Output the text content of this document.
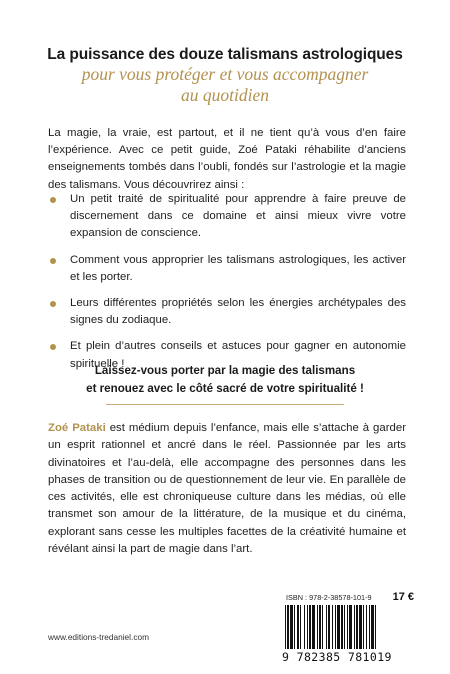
La puissance des douze talismans astrologiques
pour vous protéger et vous accompagner
au quotidien

La magie, la vraie, est partout, et il ne tient qu’à vous d’en faire l’expérience. Avec ce petit guide, Zoé Pataki réhabilite d’anciens enseignements tombés dans l’oubli, fondés sur l’astrologie et la magie des talismans. Vous découvrirez ainsi :

Un petit traité de spiritualité pour apprendre à faire preuve de discernement dans ce domaine et ainsi mieux vivre votre expansion de conscience.
Comment vous approprier les talismans astrologiques, les activer et les porter.
Leurs différentes propriétés selon les énergies archétypales des signes du zodiaque.
Et plein d’autres conseils et astuces pour gagner en autonomie spirituelle !
Laissez-vous porter par la magie des talismans
et renouez avec le côté sacré de votre spiritualité !

Zoé Pataki est médium depuis l’enfance, mais elle s’attache à garder un esprit rationnel et ancré dans le réel. Passionnée par les arts divinatoires et l’au-delà, elle accompagne des personnes dans les phases de transition ou de questionnement de leur vie. En parallèle de ces activités, elle est chroniqueuse culture dans les médias, où elle transmet son amour de la littérature, de la musique et du cinéma, explorant sans cesse les multiples facettes de la créativité humaine et révélant ainsi la part de magie dans l’art.

ISBN : 978-2-38578-101-9 17 €
9 782385 781019
www.editions-tredaniel.com
